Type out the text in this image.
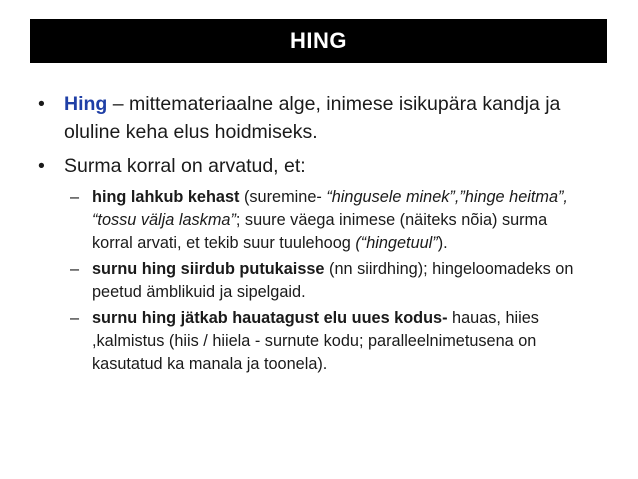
HING
• Hing – mittemateriaalne alge, inimese isikupära kandja ja oluline keha elus hoidmiseks.
• Surma korral on arvatud, et:
– hing lahkub kehast (suremine- “hingusele minek”,”hinge heitma”, “tossu välja laskma”; suure väega inimese (näiteks nõia) surma korral arvati, et tekib suur tuulehoog (“hingetuul”).
– surnu hing siirdub putukaisse (nn siirdhing); hingeloomadeks on peetud ämblikuid ja sipelgaid.
– surnu hing jätkab hauatagust elu uues kodus- hauas, hiies ,kalmistus (hiis / hiiela - surnute kodu; paralleelnimetusena on kasutatud ka manala ja toonela).
